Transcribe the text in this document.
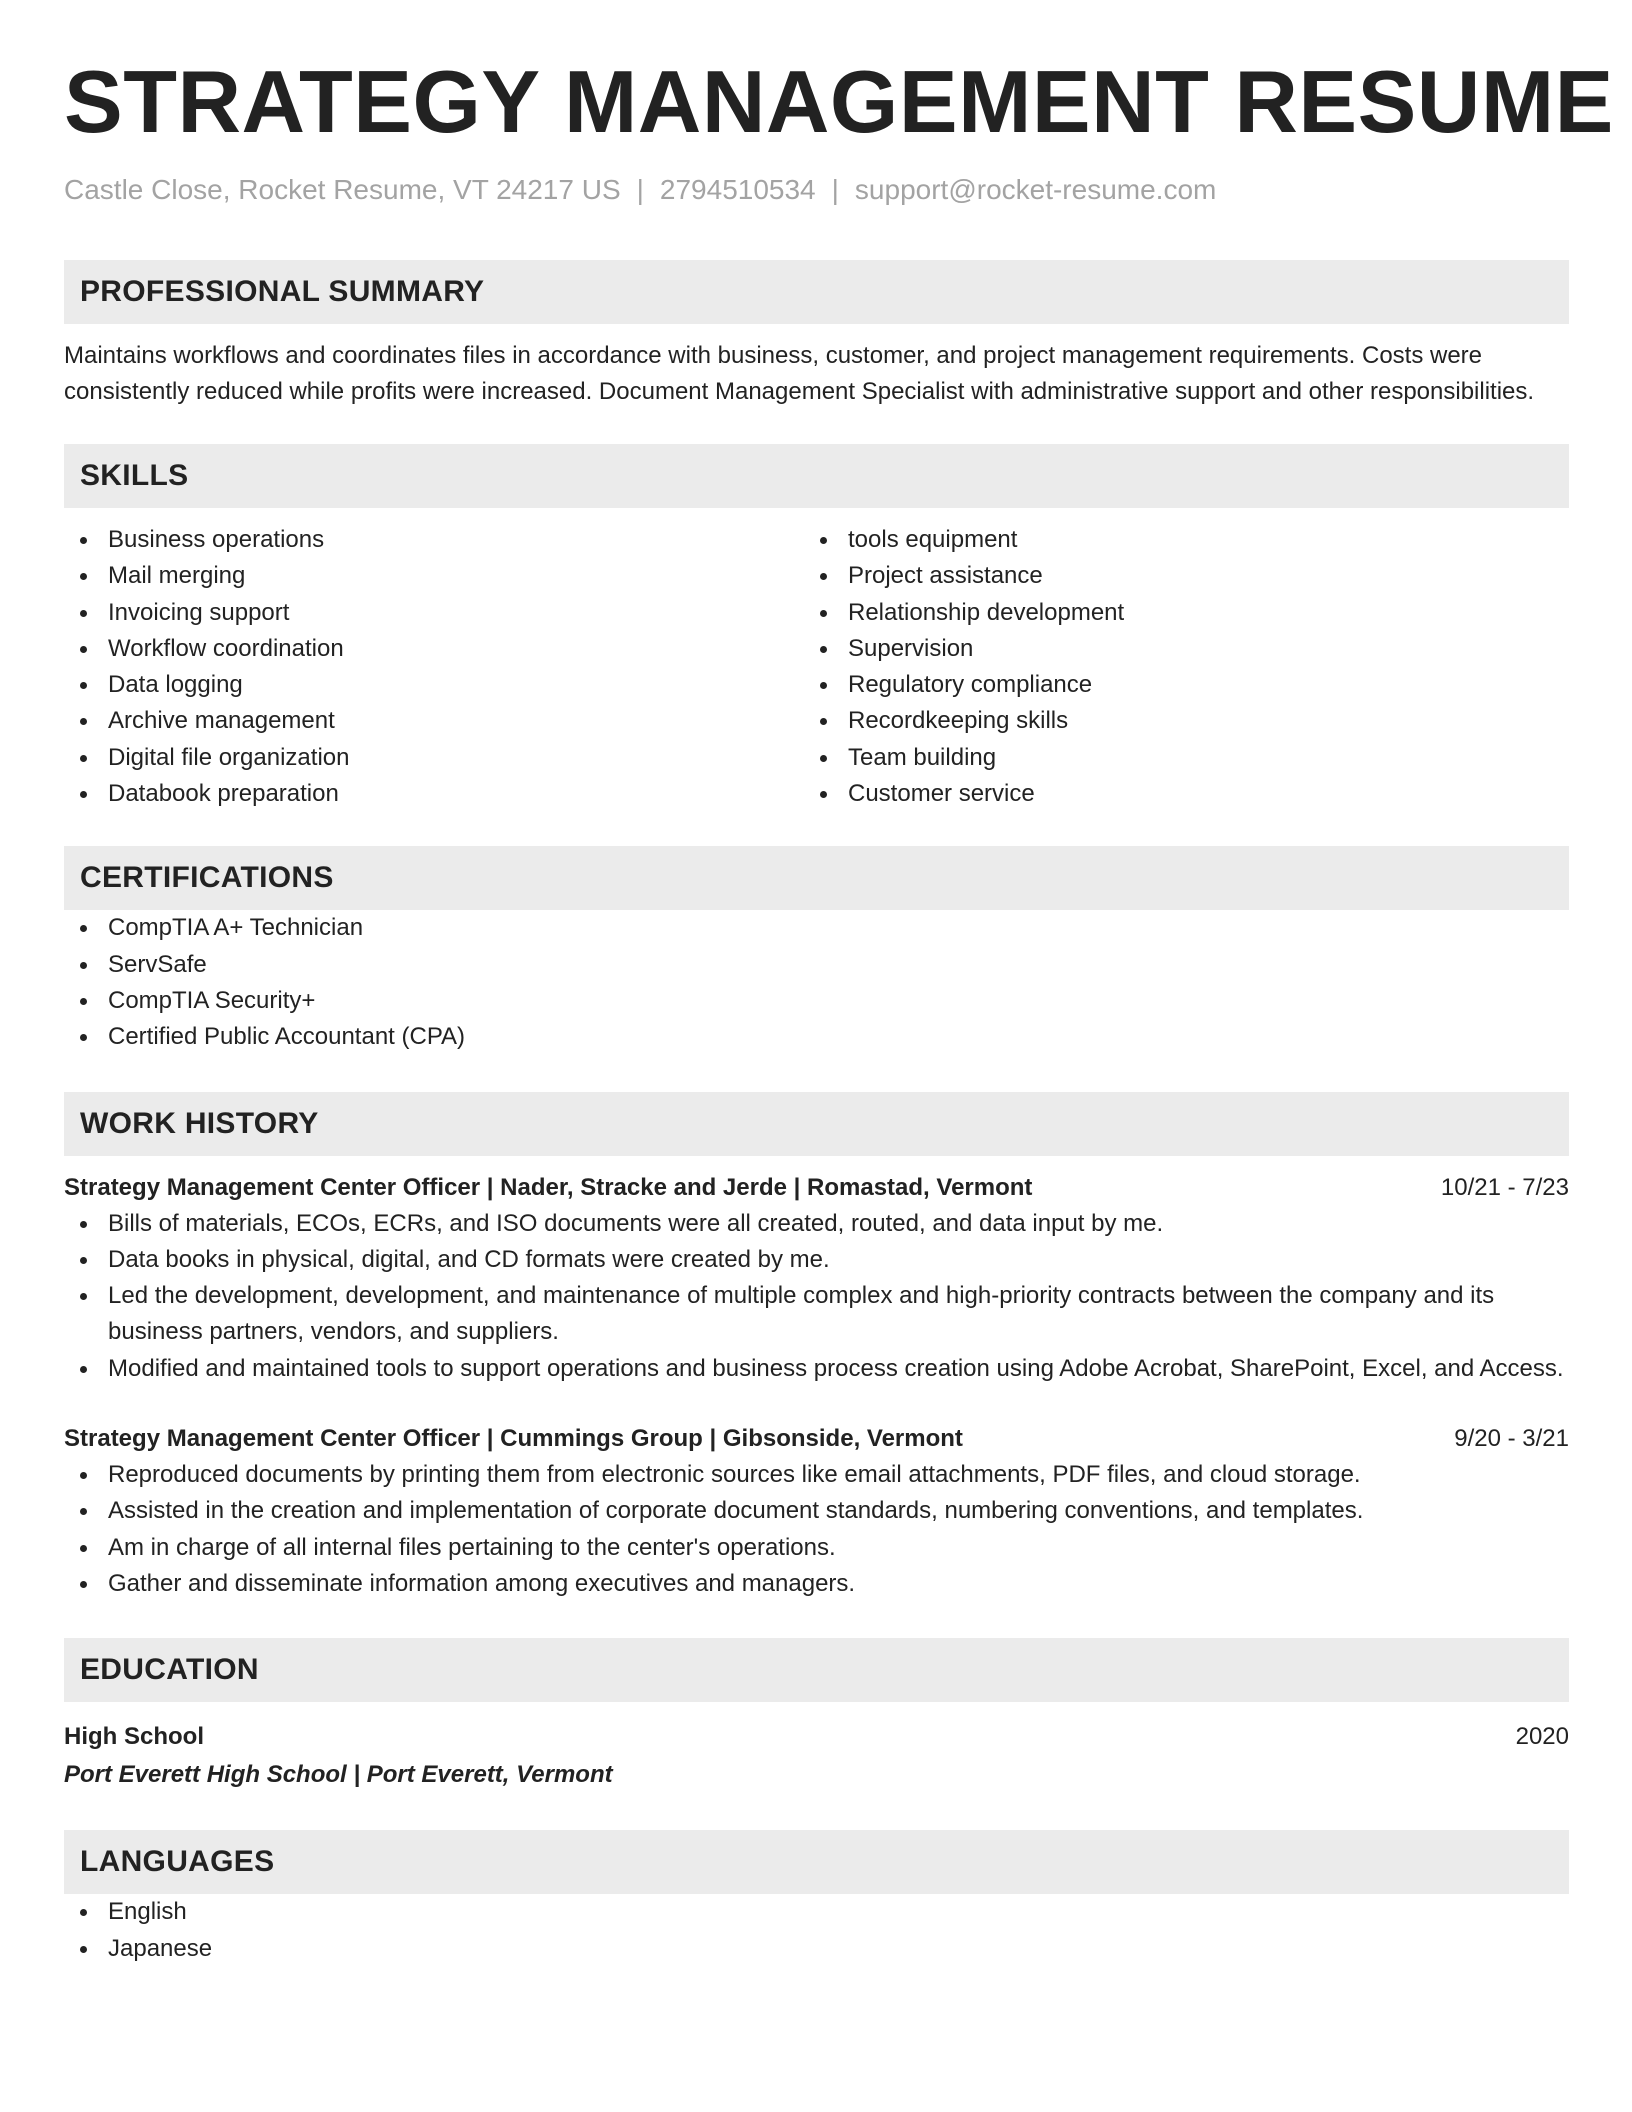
STRATEGY MANAGEMENT RESUME
Castle Close, Rocket Resume, VT 24217 US | 2794510534 | support@rocket-resume.com
PROFESSIONAL SUMMARY
Maintains workflows and coordinates files in accordance with business, customer, and project management requirements. Costs were consistently reduced while profits were increased. Document Management Specialist with administrative support and other responsibilities.
SKILLS
Business operations
Mail merging
Invoicing support
Workflow coordination
Data logging
Archive management
Digital file organization
Databook preparation
tools equipment
Project assistance
Relationship development
Supervision
Regulatory compliance
Recordkeeping skills
Team building
Customer service
CERTIFICATIONS
CompTIA A+ Technician
ServSafe
CompTIA Security+
Certified Public Accountant (CPA)
WORK HISTORY
Strategy Management Center Officer | Nader, Stracke and Jerde | Romastad, Vermont	10/21 - 7/23
Bills of materials, ECOs, ECRs, and ISO documents were all created, routed, and data input by me.
Data books in physical, digital, and CD formats were created by me.
Led the development, development, and maintenance of multiple complex and high-priority contracts between the company and its business partners, vendors, and suppliers.
Modified and maintained tools to support operations and business process creation using Adobe Acrobat, SharePoint, Excel, and Access.
Strategy Management Center Officer | Cummings Group | Gibsonside, Vermont	9/20 - 3/21
Reproduced documents by printing them from electronic sources like email attachments, PDF files, and cloud storage.
Assisted in the creation and implementation of corporate document standards, numbering conventions, and templates.
Am in charge of all internal files pertaining to the center's operations.
Gather and disseminate information among executives and managers.
EDUCATION
High School	2020
Port Everett High School | Port Everett, Vermont
LANGUAGES
English
Japanese
